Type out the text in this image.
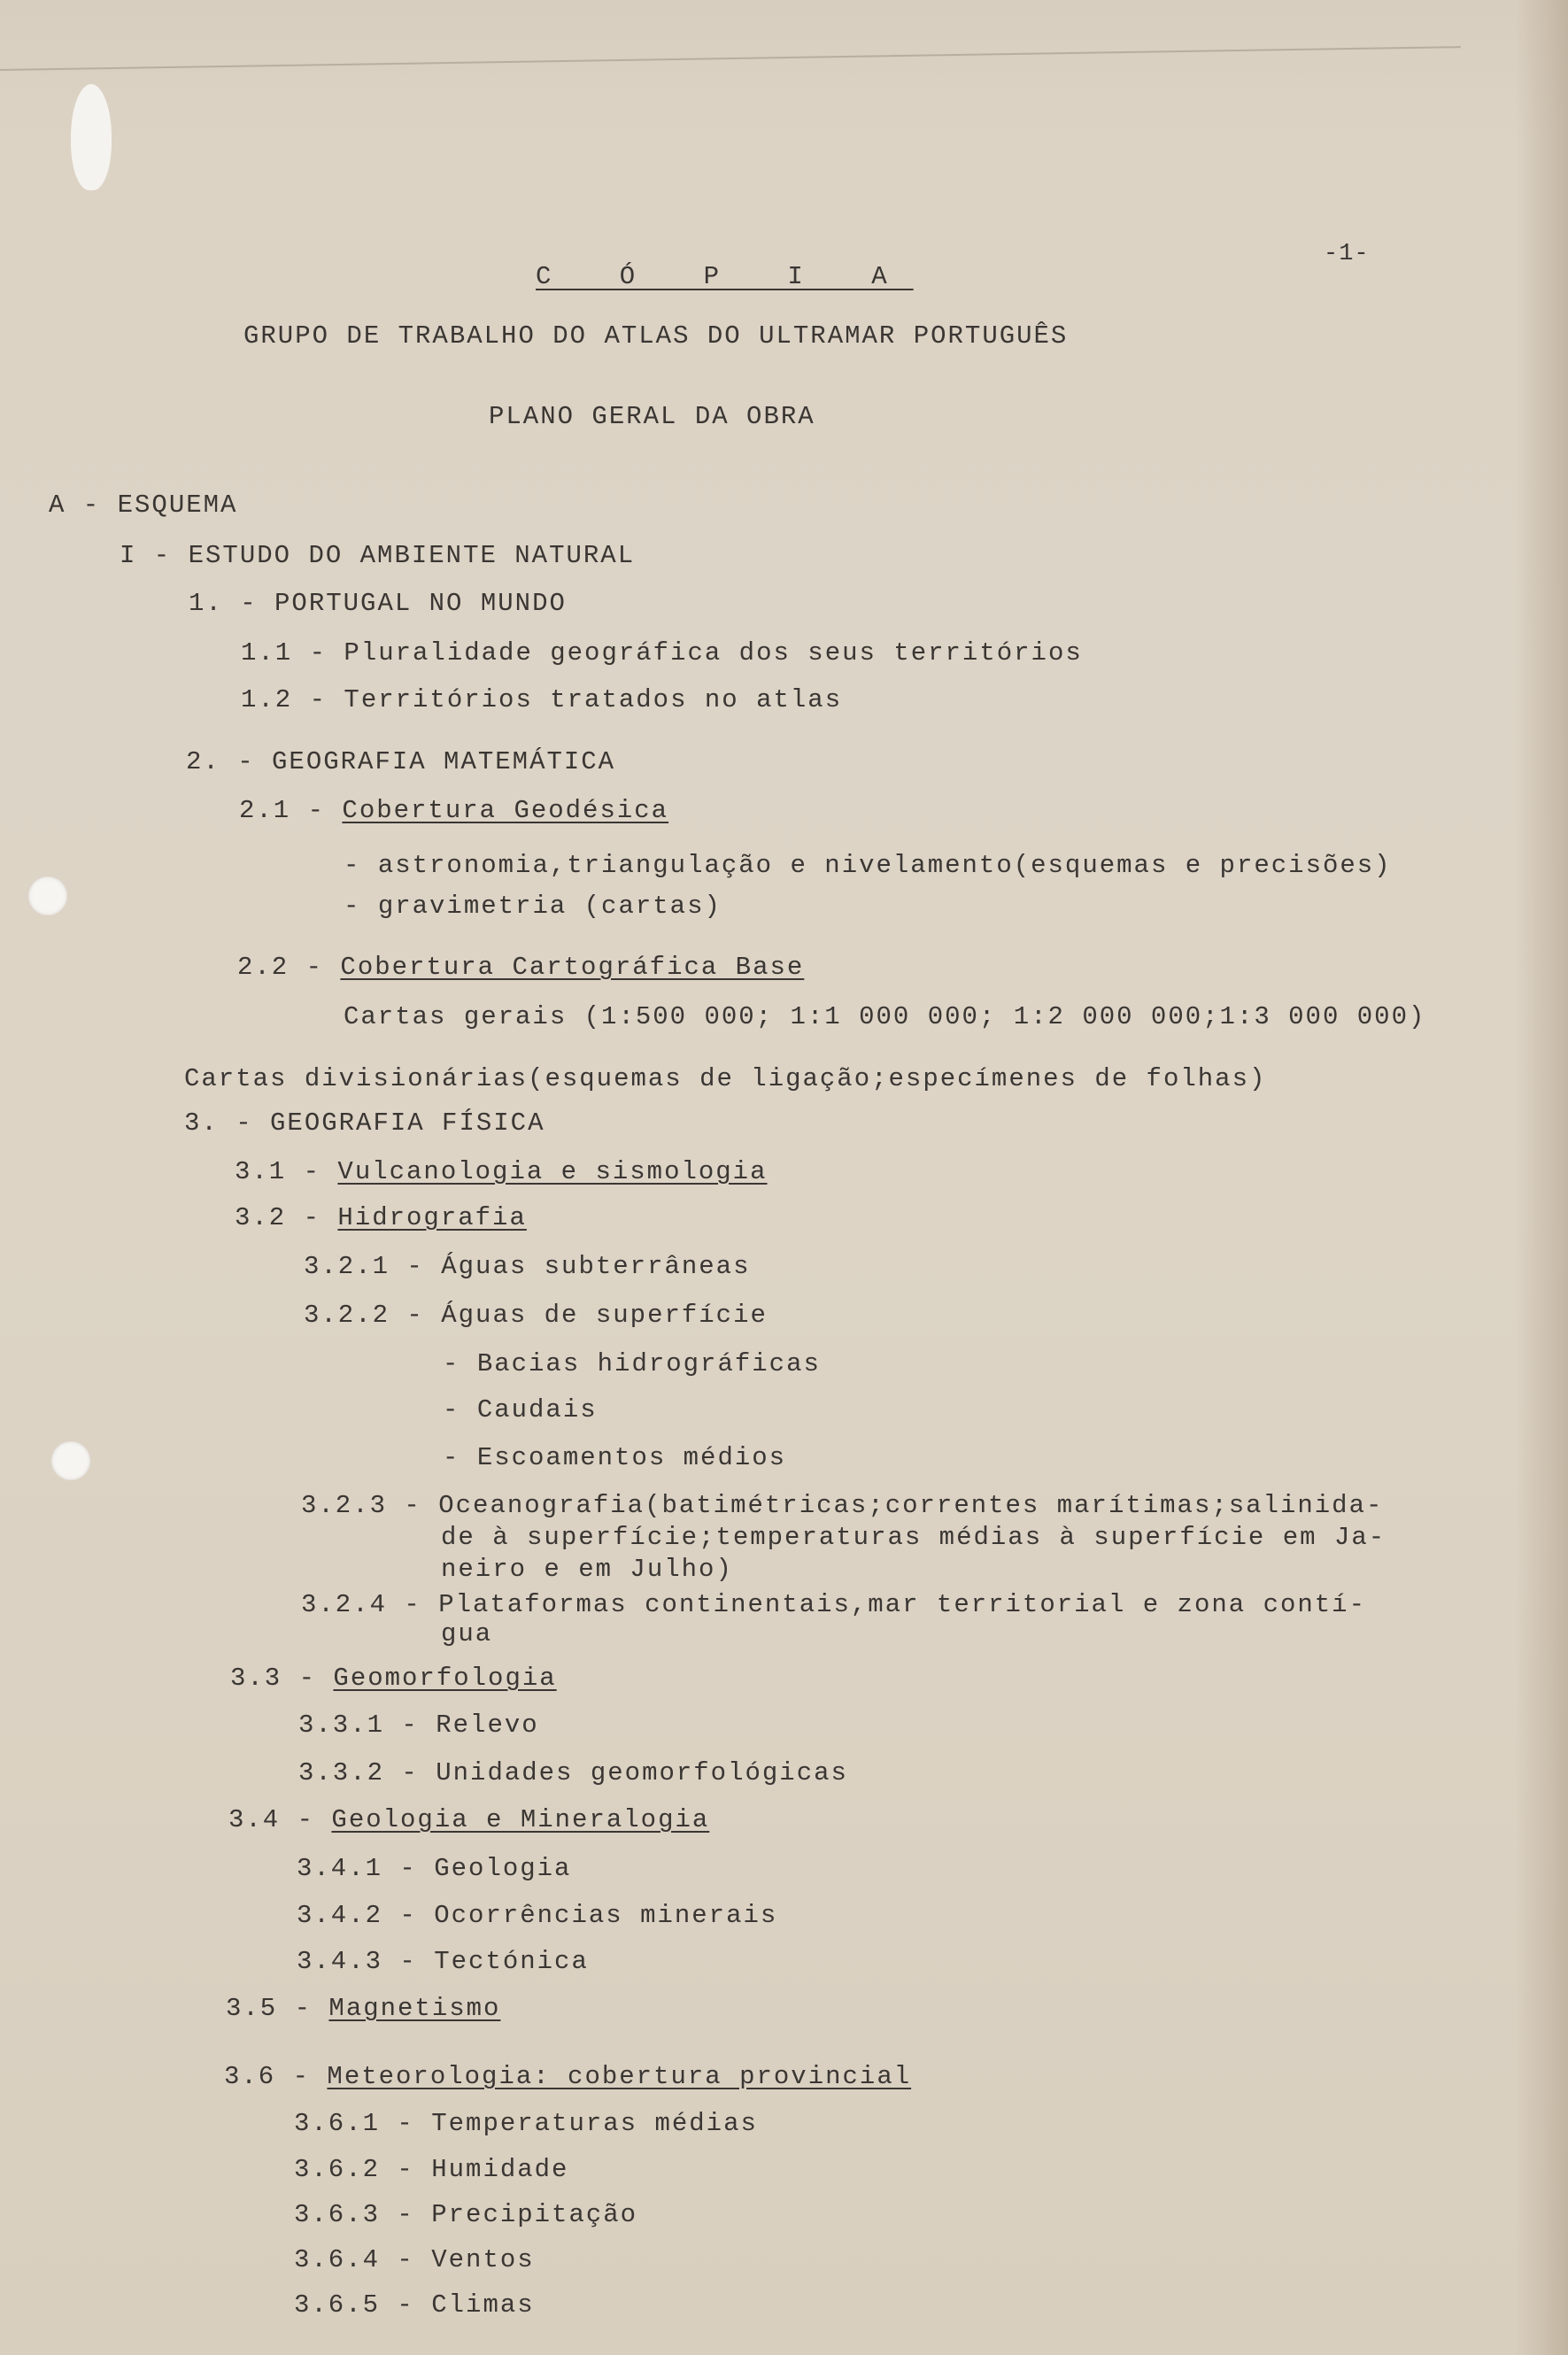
-1-
C Ó P I A
GRUPO DE TRABALHO DO ATLAS DO ULTRAMAR PORTUGUÊS
PLANO GERAL DA OBRA
A - ESQUEMA
I - ESTUDO DO AMBIENTE NATURAL
1. - PORTUGAL NO MUNDO
1.1 - Pluralidade geográfica dos seus territórios
1.2 - Territórios tratados no atlas
2. - GEOGRAFIA MATEMÁTICA
2.1 - Cobertura Geodésica
- astronomia,triangulação e nivelamento(esquemas e precisões)
- gravimetria (cartas)
2.2 - Cobertura Cartográfica Base
Cartas gerais (1:500 000; 1:1 000 000; 1:2 000 000;1:3 000 000)
Cartas divisionárias(esquemas de ligação;especímenes de folhas)
3. - GEOGRAFIA FÍSICA
3.1 - Vulcanologia e sismologia
3.2 - Hidrografia
3.2.1 - Águas subterrâneas
3.2.2 - Águas de superfície
- Bacias hidrográficas
- Caudais
- Escoamentos médios
3.2.3 - Oceanografia(batimétricas;correntes marítimas;salinida-
de à superfície;temperaturas médias à superfície em Ja-
neiro e em Julho)
3.2.4 - Plataformas continentais,mar territorial e zona contí-
gua
3.3 - Geomorfologia
3.3.1 - Relevo
3.3.2 - Unidades geomorfológicas
3.4 - Geologia e Mineralogia
3.4.1 - Geologia
3.4.2 - Ocorrências minerais
3.4.3 - Tectónica
3.5 - Magnetismo
3.6 - Meteorologia: cobertura provincial
3.6.1 - Temperaturas médias
3.6.2 - Humidade
3.6.3 - Precipitação
3.6.4 - Ventos
3.6.5 - Climas
